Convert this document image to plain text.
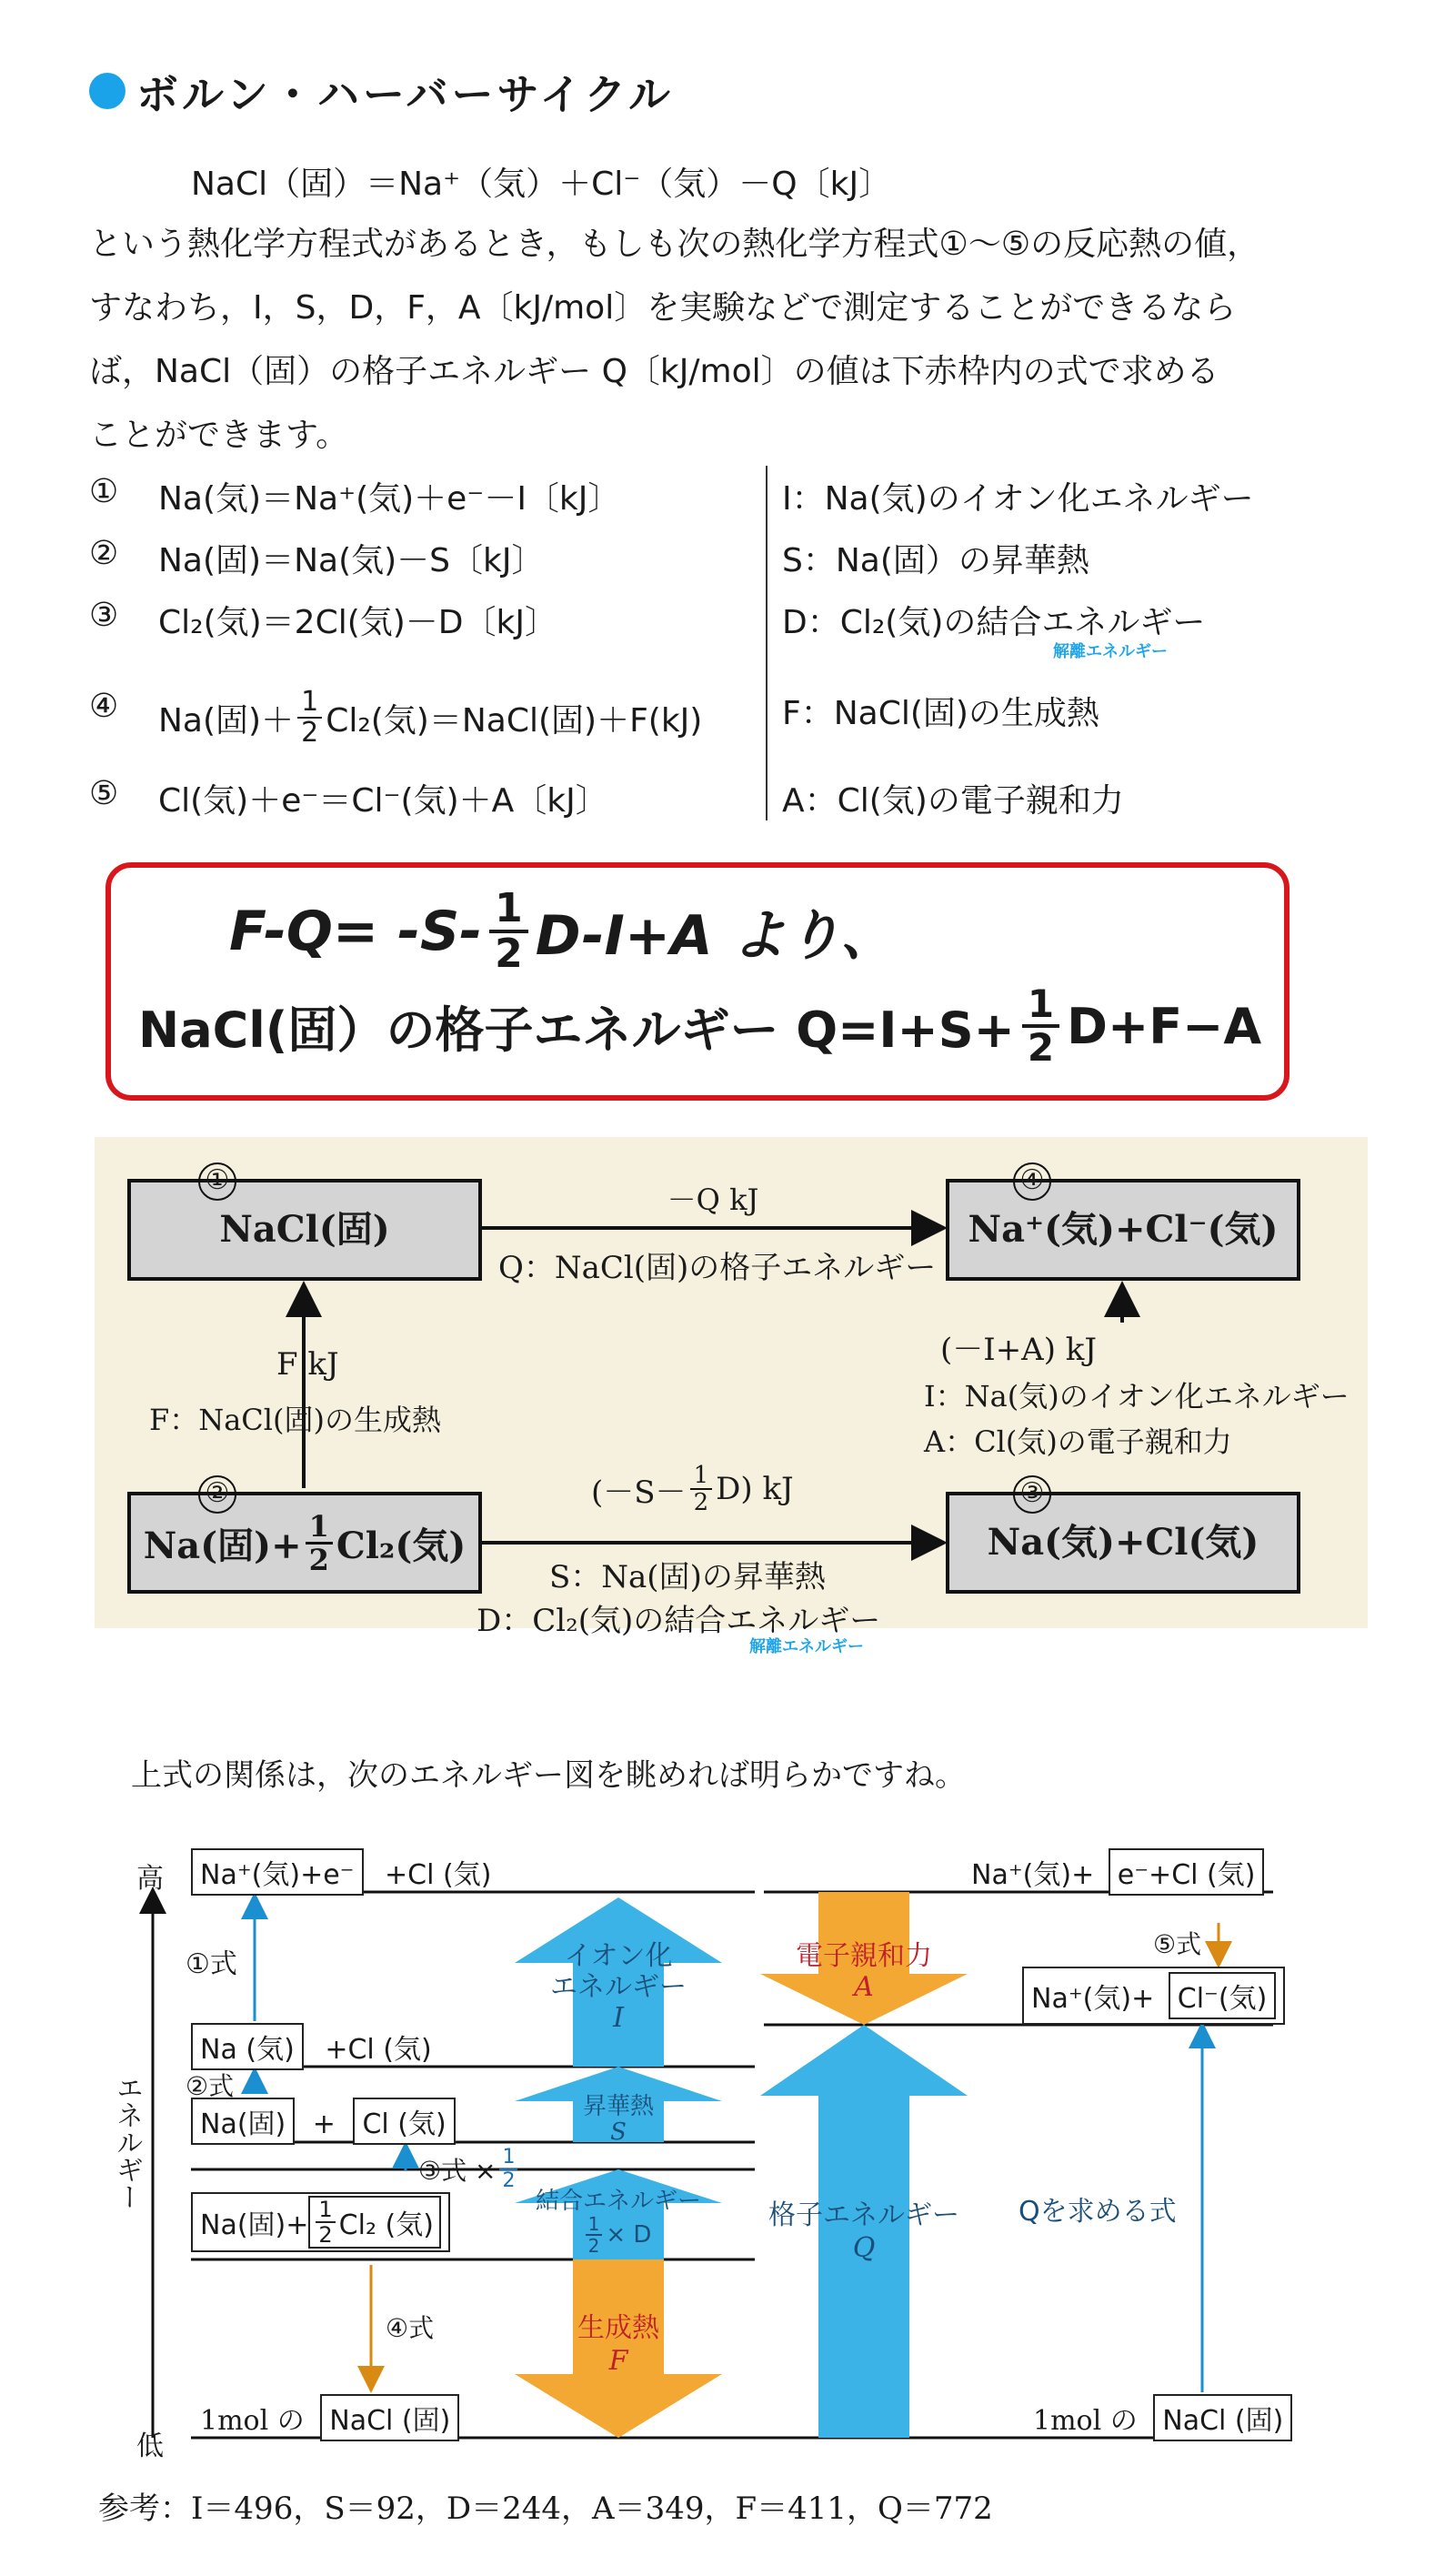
ボルン・ハーバーサイクル
NaCl（固）＝Na⁺（気）＋Cl⁻（気）－Q〔kJ〕
という熱化学方程式があるとき，もしも次の熱化学方程式①〜⑤の反応熱の値，
すなわち，I，S，D，F，A〔kJ/mol〕を実験などで測定することができるなら
ば，NaCl（固）の格子エネルギー Q〔kJ/mol〕の値は下赤枠内の式で求める
ことができます。
① Na(気)＝Na⁺(気)＋e⁻－I〔kJ〕
② Na(固)＝Na(気)－S〔kJ〕
③ Cl₂(気)＝2Cl(気)－D〔kJ〕
④ Na(固)＋ $\frac{1}{2} Cl_2$(気)＝NaCl(固)＋F(kJ)
⑤ Cl(気)＋e⁻＝Cl⁻(気)＋A〔kJ〕
I：Na(気)のイオン化エネルギー
S：Na(固）の昇華熱
D：Cl₂(気)の結合エネルギー
解離エネルギー
F：NaCl(固)の生成熱
A：Cl(気)の電子親和力
$F-Q= -S- \frac{1}{2} D-I+A$ より、
NaCl(固）の格子エネルギー $Q=I+S+ \frac{1}{2} D+F-A$
NaCl(固)
①
Na⁺(気)+Cl⁻(気)
④
Na(固)+ $\frac{1}{2} Cl_2$(気)
②
Na(気)+Cl(気)
③
－Q kJ
Q：NaCl(固)の格子エネルギー
F kJ
F：NaCl(固)の生成熱
(－I+A) kJ
I：Na(気)のイオン化エネルギー
A：Cl(気)の電子親和力
$(-S- \frac{1}{2} D)$ kJ
S：Na(固)の昇華熱
D：Cl₂(気)の結合エネルギー
解離エネルギー
上式の関係は，次のエネルギー図を眺めれば明らかですね。
高
低
エネルギー
Na⁺(気)+e⁻ +Cl (気)
Na (気) +Cl (気)
Na(固) + Cl (気)
Na(固)+ $\frac{1}{2} Cl_2$ (気)
1mol の NaCl (固)
①式
②式
③式 × $\frac{1}{2}$
④式
⑤式
イオン化
エネルギー
I
昇華熱
S
結合エネルギー
$\frac{1}{2} \times D$
生成熱
F
電子親和力
A
格子エネルギー
Q
Qを求める式
Na⁺(気)+ e⁻+Cl (気)
Na⁺(気)+ Cl⁻(気)
1mol の NaCl (固)
参考：I＝496，S＝92，D＝244，A＝349，F＝411，Q＝772
